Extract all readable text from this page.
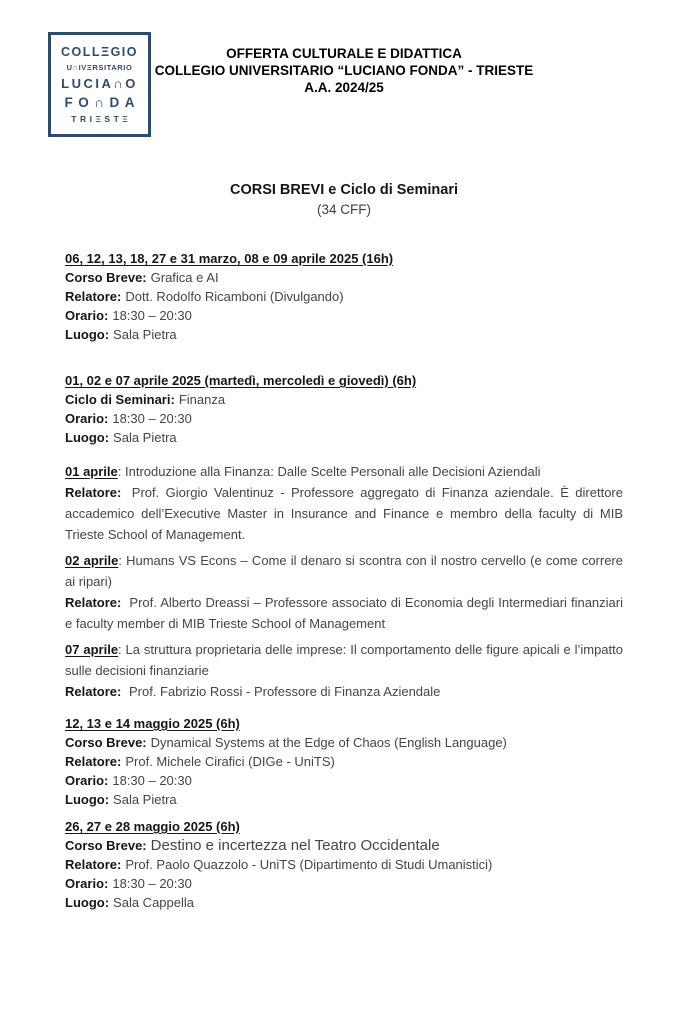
COLLΞGIO
U∩IVΞRSITARIO
LUCIA∩O
FO∩DA
TRIΞSTΞ
OFFERTA CULTURALE E DIDATTICA
COLLEGIO UNIVERSITARIO “LUCIANO FONDA” - TRIESTE
A.A. 2024/25
CORSI BREVI e Ciclo di Seminari
(34 CFF)

06, 12, 13, 18, 27 e 31 marzo, 08 e 09 aprile 2025 (16h)

Corso Breve: Grafica e AI

Relatore: Dott. Rodolfo Ricamboni (Divulgando)

Orario: 18:30 – 20:30

Luogo: Sala Pietra

01, 02 e 07 aprile 2025 (martedì, mercoledì e giovedì) (6h)

Ciclo di Seminari: Finanza

Orario: 18:30 – 20:30

Luogo: Sala Pietra

01 aprile: Introduzione alla Finanza: Dalle Scelte Personali alle Decisioni Aziendali

Relatore: Prof. Giorgio Valentinuz - Professore aggregato di Finanza aziendale. È direttore accademico dell’Executive Master in Insurance and Finance e membro della faculty di MIB Trieste School of Management.

02 aprile: Humans VS Econs – Come il denaro si scontra con il nostro cervello (e come correre ai ripari)

Relatore: Prof. Alberto Dreassi – Professore associato di Economia degli Intermediari finanziari e faculty member di MIB Trieste School of Management

07 aprile: La struttura proprietaria delle imprese: Il comportamento delle figure apicali e l’impatto sulle decisioni finanziarie

Relatore: Prof. Fabrizio Rossi - Professore di Finanza Aziendale

12, 13 e 14 maggio 2025 (6h)

Corso Breve: Dynamical Systems at the Edge of Chaos (English Language)

Relatore: Prof. Michele Cirafici (DIGe - UniTS)

Orario: 18:30 – 20:30

Luogo: Sala Pietra

26, 27 e 28 maggio 2025 (6h)

Corso Breve: Destino e incertezza nel Teatro Occidentale

Relatore: Prof. Paolo Quazzolo - UniTS (Dipartimento di Studi Umanistici)

Orario: 18:30 – 20:30

Luogo: Sala Cappella
